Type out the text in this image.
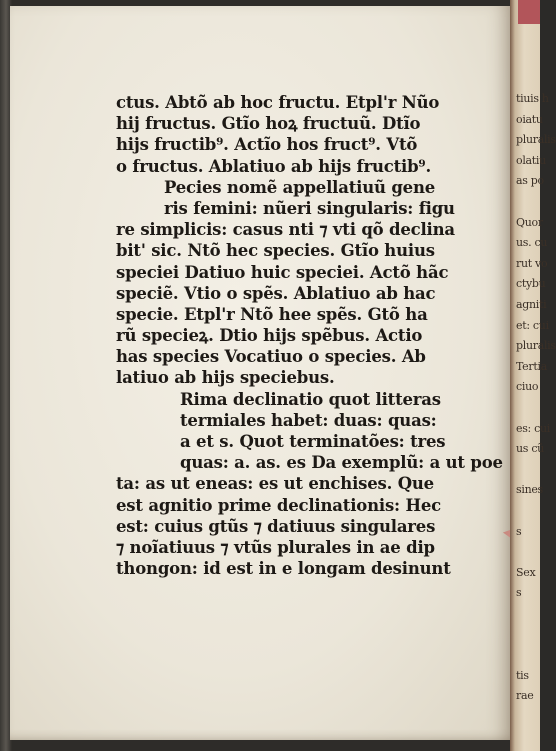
ctus. Abtõ ab hoc fructu. Etpl'r Nũo
hij fructus. Gtĩo hoꝝ fructuũ. Dtĩo
hijs fructib⁹. Actĩo hos fruct⁹. Vtõ
o fructus. Ablatiuo ab hijs fructib⁹.
Pecies nomẽ appellatiuũ gene
ris femini: nũeri singularis: figu
re simplicis: casus nti ⁊ vti qõ declina
bit' sic. Ntõ hec species. Gtĩo huius
speciei Datiuo huic speciei. Actõ hãc
speciẽ. Vtio o spẽs. Ablatiuo ab hac
specie. Etpl'r Ntõ hee spẽs. Gtõ ha
rũ specieꝝ. Dtio hijs spẽbus. Actio
has species Vocatiuo o species. Ab
latiuo ab hijs speciebus.
Rima declinatio quot litteras
termiales habet: duas: quas:
a et s. Quot terminatões: tres
quas: a. as. es Da exemplũ: a ut poe
ta: as ut eneas: es ut enchises. Que
est agnitio prime declinationis: Hec
est: cuius gtũs ⁊ datiuus singulares
⁊ noĩatiuus ⁊ vtũs plurales in ae dip
thongon: id est in e longam desinunt
tiuis h
oiatu
pluralis
olatiu
as po
Quor
us. cu
rut vo
ctybu
agniti
et: cui
pluralis
Tertia
ciuo
es: cui
us cũ
sines
s
Sex
s
tis
rae
